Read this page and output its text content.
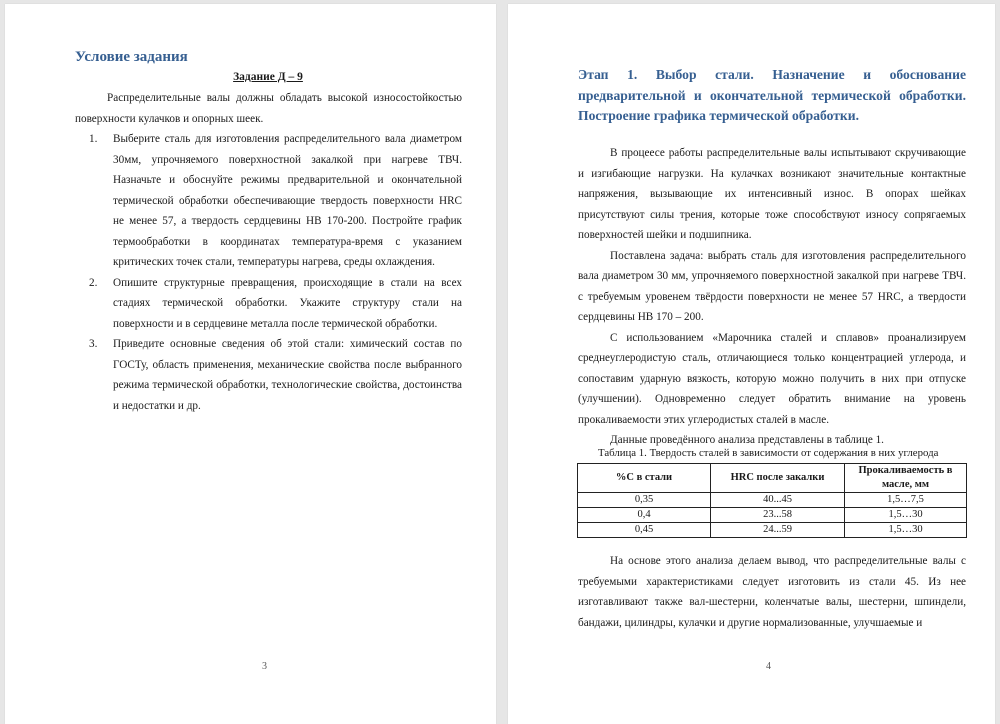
Условие задания
Задание Д – 9

Распределительные валы должны обладать высокой износостойкостью поверхности кулачков и опорных шеек.

1. Выберите сталь для изготовления распределительного вала диаметром 30мм, упрочняемого поверхностной закалкой при нагреве ТВЧ. Назначьте и обоснуйте режимы предварительной и окончательной термической обработки обеспечивающие твердость поверхности HRC не менее 57, а твердость сердцевины НВ 170-200. Постройте график термообработки в координатах температура-время с указанием критических точек стали, температуры нагрева, среды охлаждения.
2. Опишите структурные превращения, происходящие в стали на всех стадиях термической обработки. Укажите структуру стали на поверхности и в сердцевине металла после термической обработки.
3. Приведите основные сведения об этой стали: химический состав по ГОСТу, область применения, механические свойства после выбранного режима термической обработки, технологические свойства, достоинства и недостатки и др.
3
Этап 1. Выбор стали. Назначение и обоснование предварительной и окончательной термической обработки. Построение графика термической обработки.

В процеесе работы распределительные валы испытывают скручивающие и изгибающие нагрузки. На кулачках возникают значительные контактные напряжения, вызывающие их интенсивный износ. В опорах шейках присутствуют силы трения, которые тоже способствуют износу сопрягаемых поверхностей шейки и подшипника.

Поставлена задача: выбрать сталь для изготовления распределительного вала диаметром 30 мм, упрочняемого поверхностной закалкой при нагреве ТВЧ. с требуемым уровенем твёрдости поверхности не менее 57 HRC, а твердости сердцевины НВ 170 – 200.

С использованием «Марочника сталей и сплавов» проанализируем среднеуглеродистую сталь, отличающиеся только концентрацией углерода, и сопоставим ударную вязкость, которую можно получить в них при отпуске (улучшении). Одновременно следует обратить внимание на уровень прокаливаемости этих углеродистых сталей в масле.

Данные проведённого анализа представлены в таблице 1.

Таблица 1. Твердость сталей в зависимости от содержания в них углерода
%С в стали	HRC после закалки	Прокаливаемость в масле, мм
0,35	40...45	1,5…7,5
0,4	23...58	1,5…30
0,45	24...59	1,5…30

На основе этого анализа делаем вывод, что распределительные валы с требуемыми характеристиками следует изготовить из стали 45. Из нее изготавливают также вал-шестерни, коленчатые валы, шестерни, шпиндели, бандажи, цилиндры, кулачки и другие нормализованные, улучшаемые и

4
